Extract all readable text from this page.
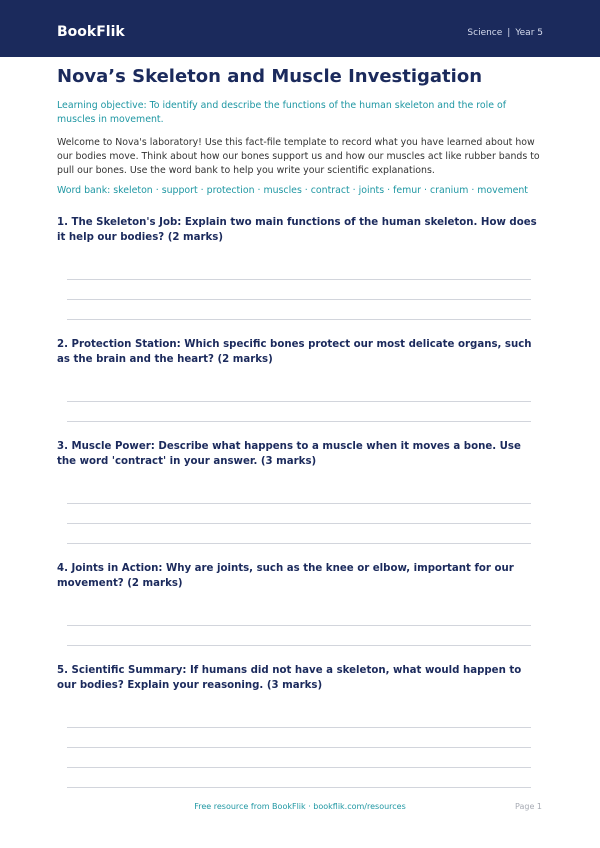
BookFlik	Science | Year 5
Nova’s Skeleton and Muscle Investigation

Learning objective: To identify and describe the functions of the human skeleton and the role of muscles in movement.

Welcome to Nova's laboratory! Use this fact-file template to record what you have learned about how our bodies move. Think about how our bones support us and how our muscles act like rubber bands to pull our bones. Use the word bank to help you write your scientific explanations.

Word bank: skeleton · support · protection · muscles · contract · joints · femur · cranium · movement

1. The Skeleton's Job: Explain two main functions of the human skeleton. How does it help our bodies? (2 marks)

2. Protection Station: Which specific bones protect our most delicate organs, such as the brain and the heart? (2 marks)

3. Muscle Power: Describe what happens to a muscle when it moves a bone. Use the word 'contract' in your answer. (3 marks)

4. Joints in Action: Why are joints, such as the knee or elbow, important for our movement? (2 marks)

5. Scientific Summary: If humans did not have a skeleton, what would happen to our bodies? Explain your reasoning. (3 marks)

Free resource from BookFlik · bookflik.com/resources	Page 1
